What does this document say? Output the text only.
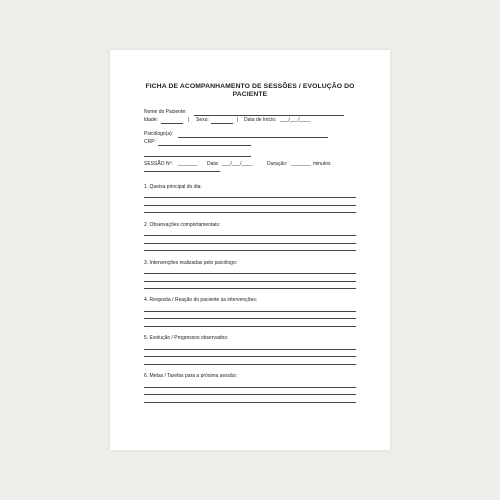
FICHA DE ACOMPANHAMENTO DE SESSÕES / EVOLUÇÃO DO
PACIENTE
Nome do Paciente:
Idade:	| Sexo:	| Data de Início: ___/___/____
Psicólogo(a):
CRP:
SESSÃO Nº: _______ Data: ___/___/____	Duração: _______ minutos
1. Queixa principal do dia:
2. Observações comportamentais:
3. Intervenções realizadas pelo psicólogo:
4. Resposta / Reação do paciente às intervenções:
5. Evolução / Progressos observados:
6. Metas / Tarefas para a próxima sessão:
